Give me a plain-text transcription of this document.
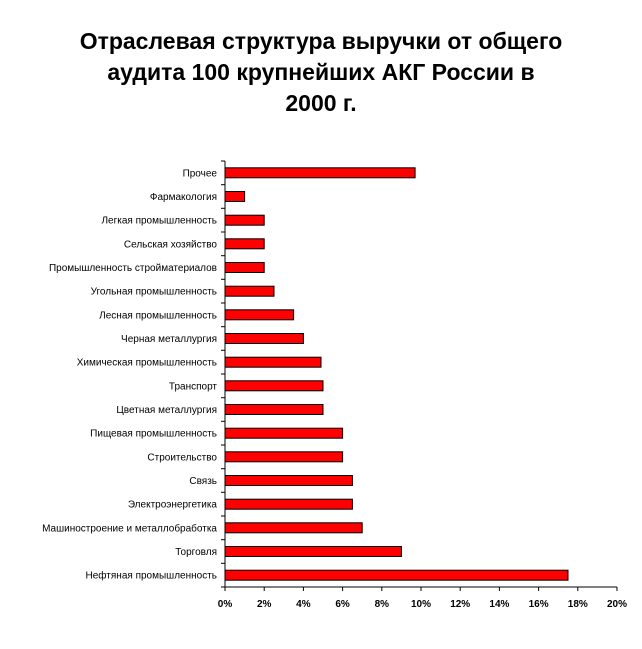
Отраслевая структура выручки от общего
аудита 100 крупнейших АКГ России в
2000 г.
Прочее
Фармакология
Легкая промышленность
Сельская хозяйство
Промышленность стройматериалов
Угольная промышленность
Лесная промышленность
Черная металлургия
Химическая промышленность
Транспорт
Цветная металлургия
Пищевая промышленность
Строительство
Связь
Электроэнергетика
Машиностроение и металлобработка
Торговля
Нефтяная промышленность
0% 2% 4% 6% 8% 10% 12% 14% 16% 18% 20%
